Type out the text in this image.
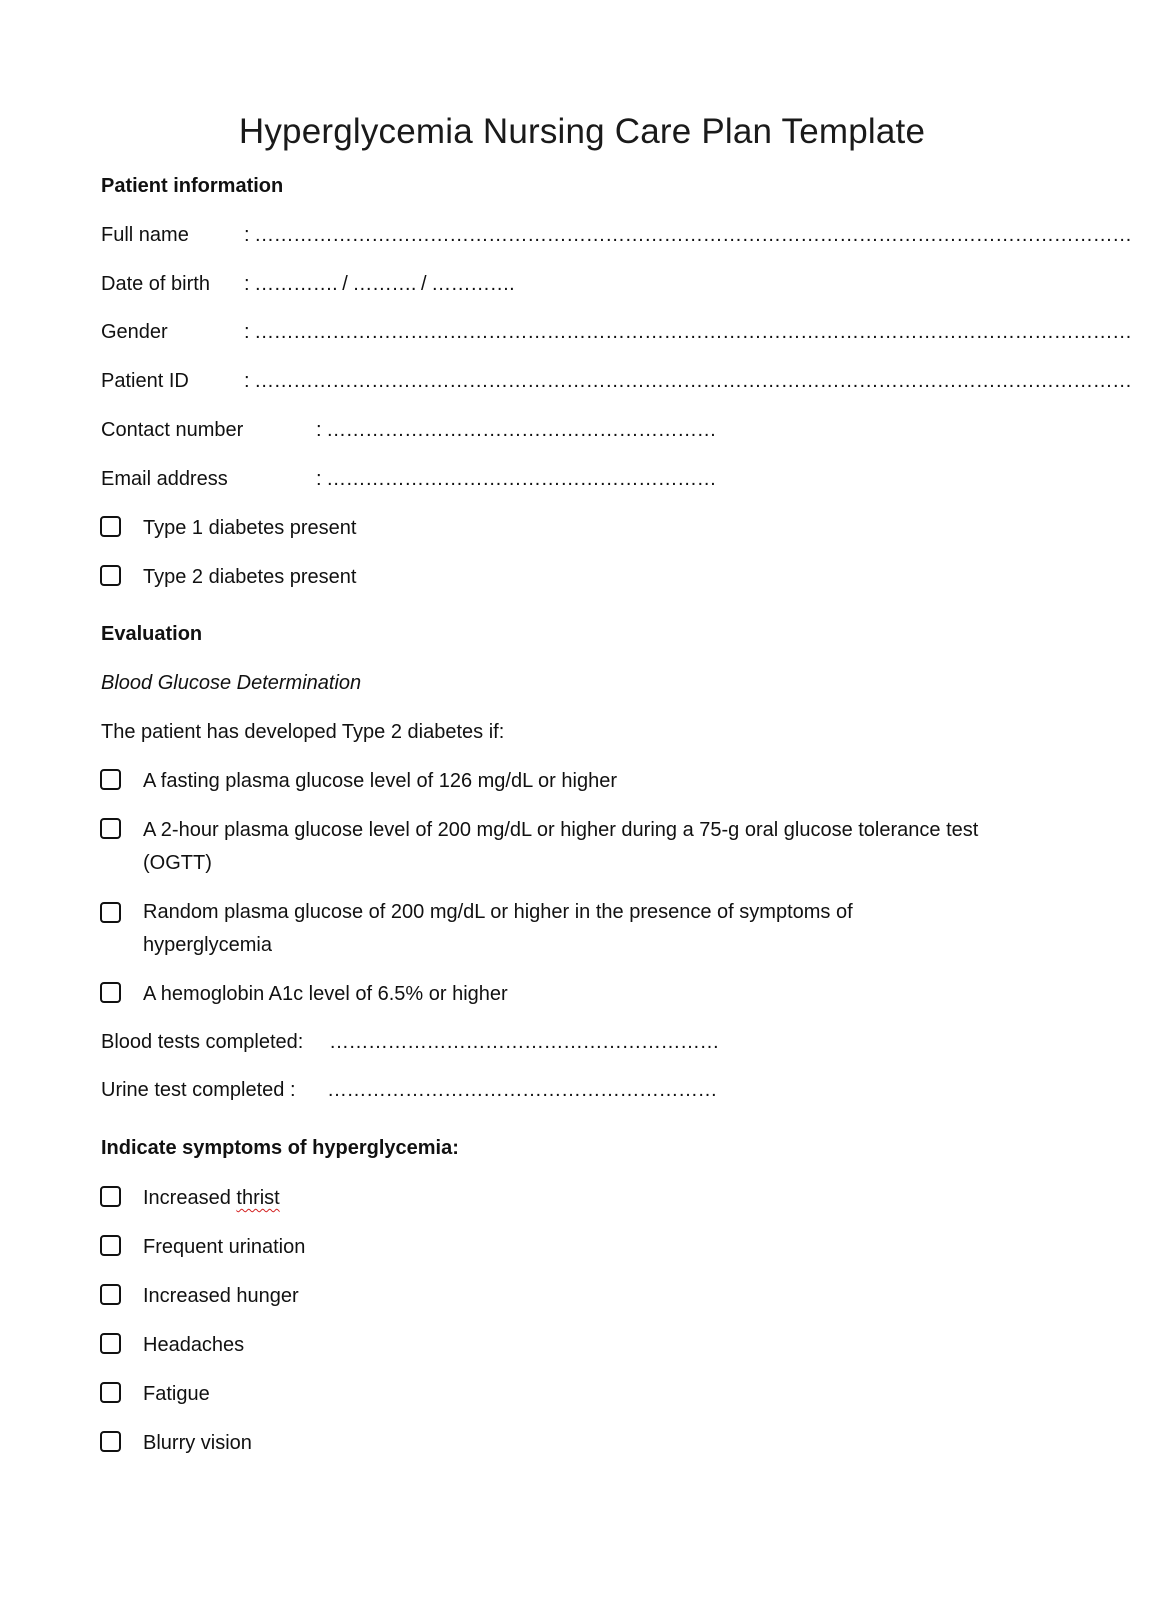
Hyperglycemia Nursing Care Plan Template
Patient information
Full name	: ………………………………………………………………………………………………………………………
Date of birth : …………. / ………. / ………….
Gender	: ………………………………………………………………………………………………………………………
Patient ID	: ………………………………………………………………………………………………………………………
Contact number	: ……………………………………………………
Email address	: ……………………………………………………
Type 1 diabetes present
Type 2 diabetes present
Evaluation
Blood Glucose Determination
The patient has developed Type 2 diabetes if:
A fasting plasma glucose level of 126 mg/dL or higher
A 2-hour plasma glucose level of 200 mg/dL or higher during a 75-g oral glucose tolerance test
(OGTT)
Random plasma glucose of 200 mg/dL or higher in the presence of symptoms of
hyperglycemia
A hemoglobin A1c level of 6.5% or higher
Blood tests completed: ……………………………………………………
Urine test completed : ……………………………………………………
Indicate symptoms of hyperglycemia:
Increased thrist
Frequent urination
Increased hunger
Headaches
Fatigue
Blurry vision
